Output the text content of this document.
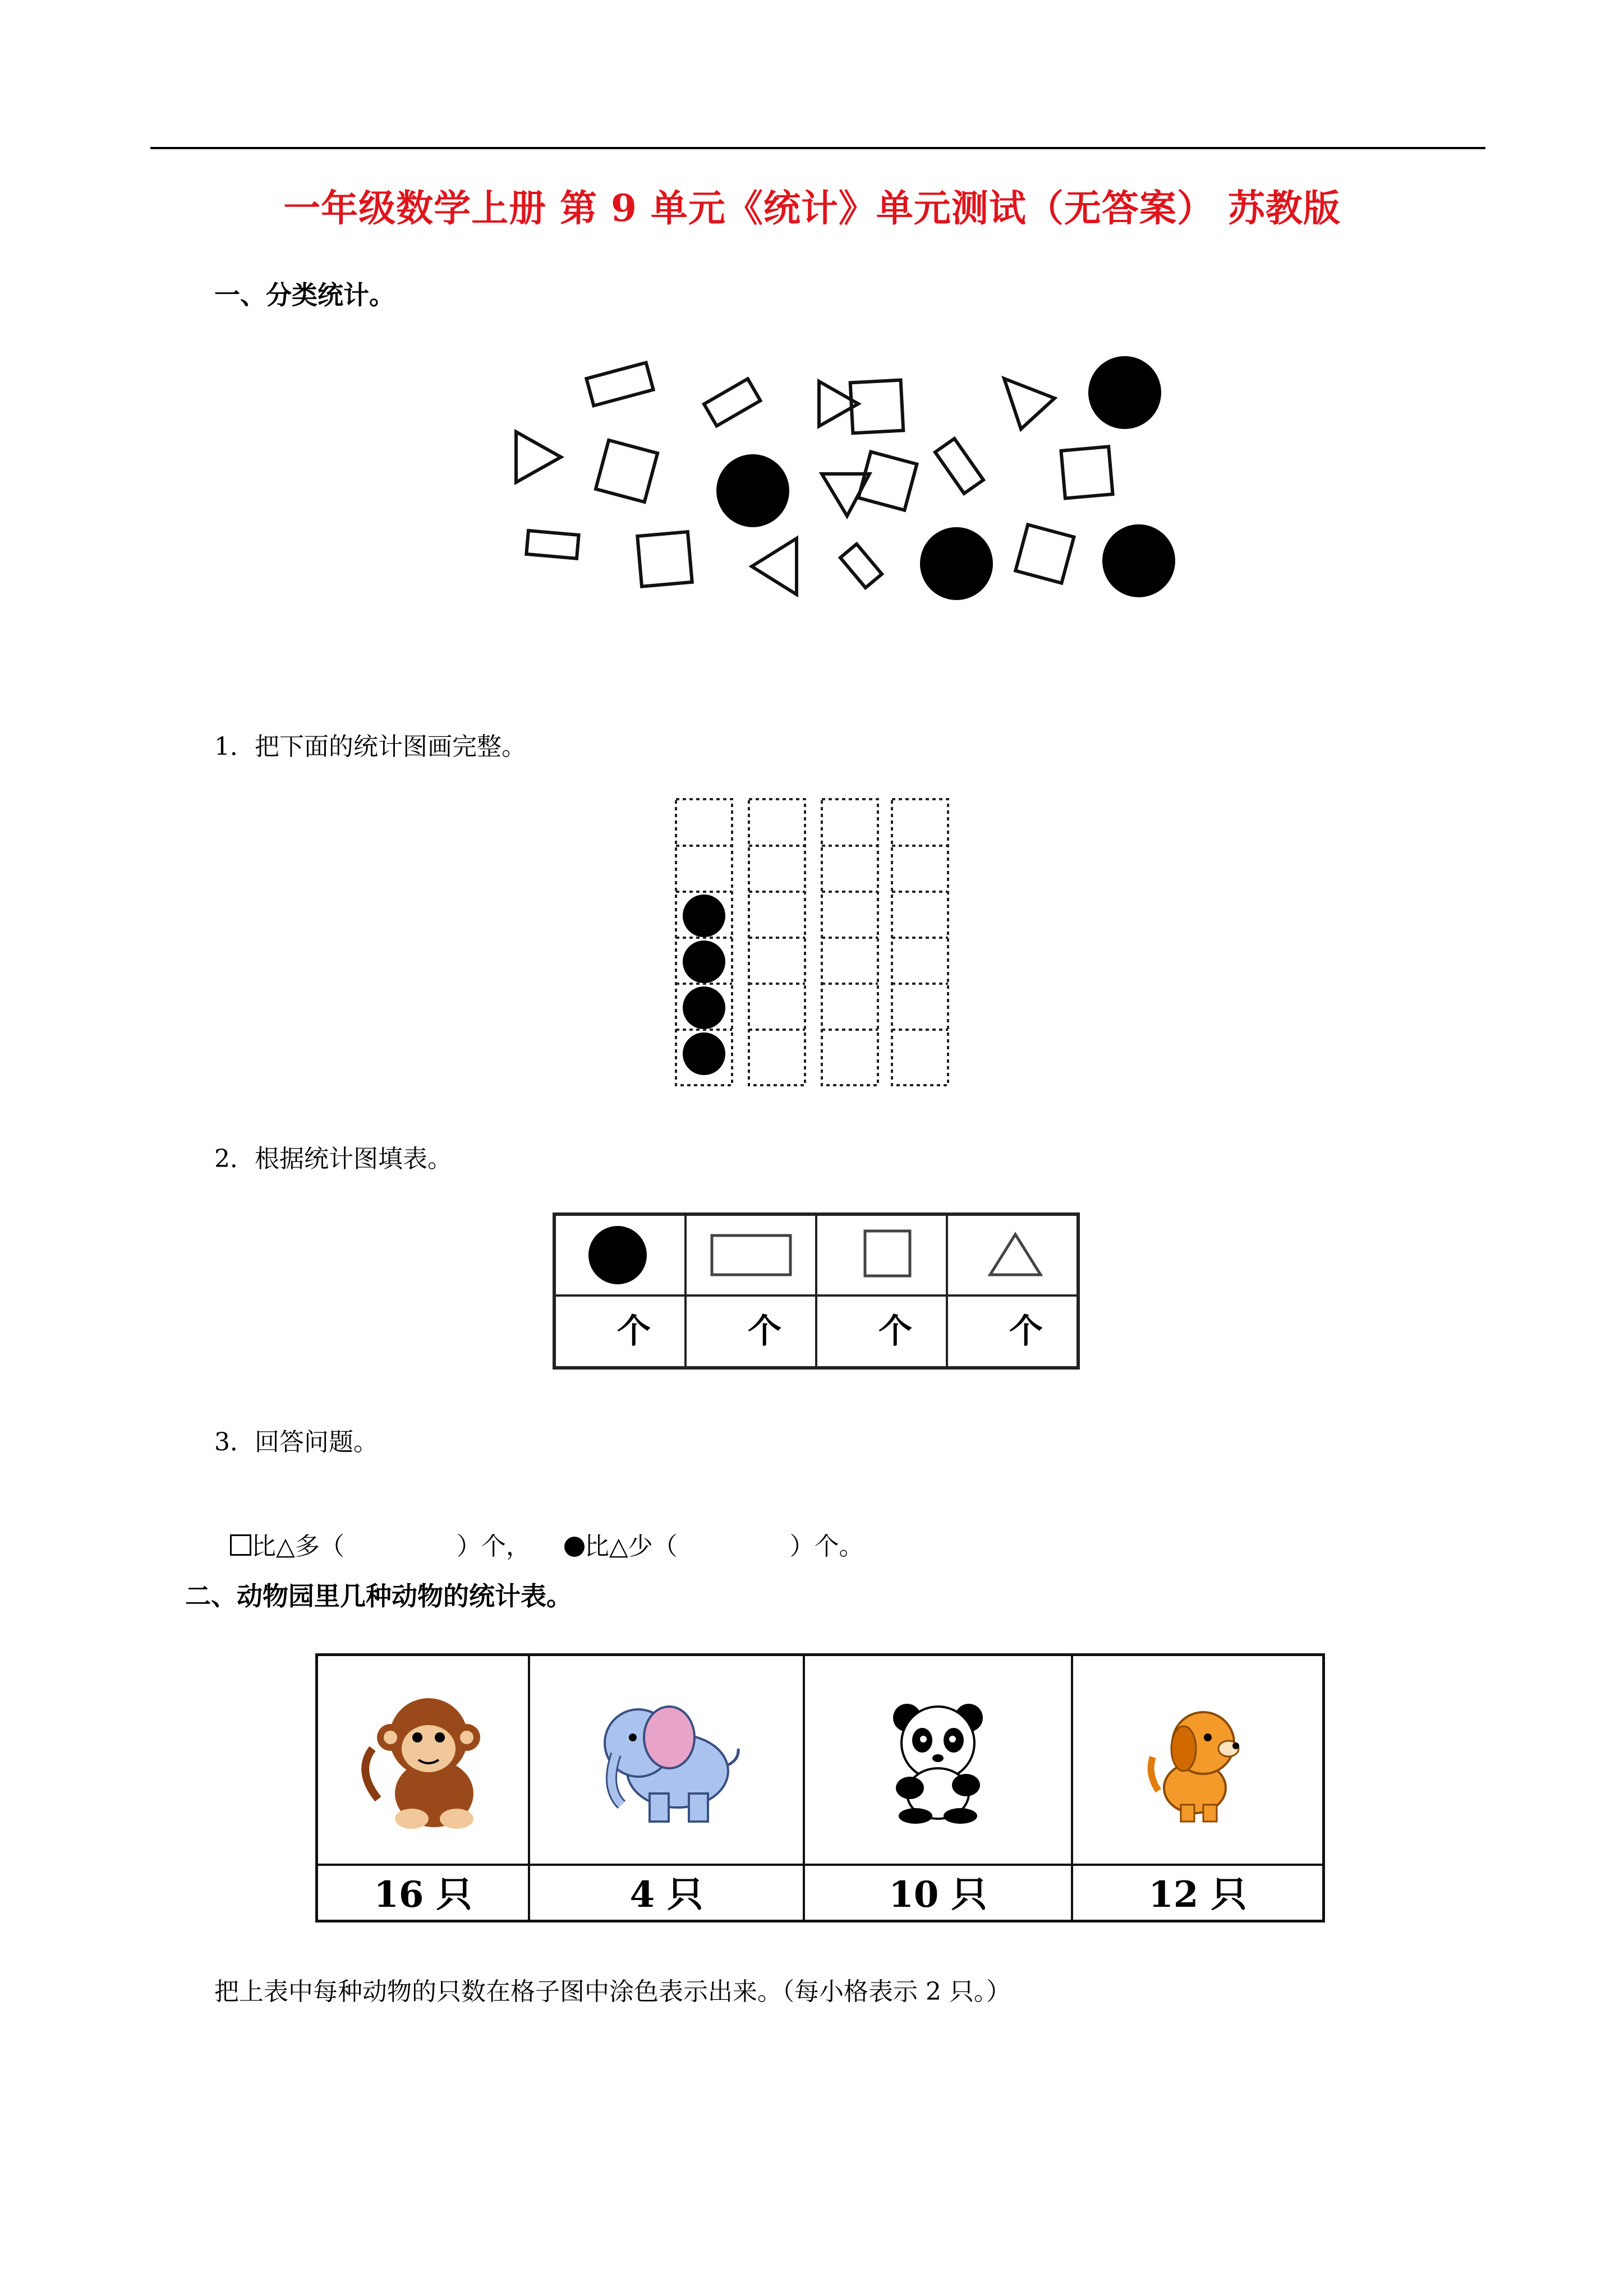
一年级数学上册 第 9 单元《统计》单元测试（无答案） 苏教版
一、分类统计。
1．把下面的统计图画完整。
2．根据统计图填表。
个	个	个	个
3．回答问题。

比△多（	）个， 比△少（	）个。

二、动物园里几种动物的统计表。
16 只	4 只	10 只	12 只
把上表中每种动物的只数在格子图中涂色表示出来。（每小格表示 2 只。）
